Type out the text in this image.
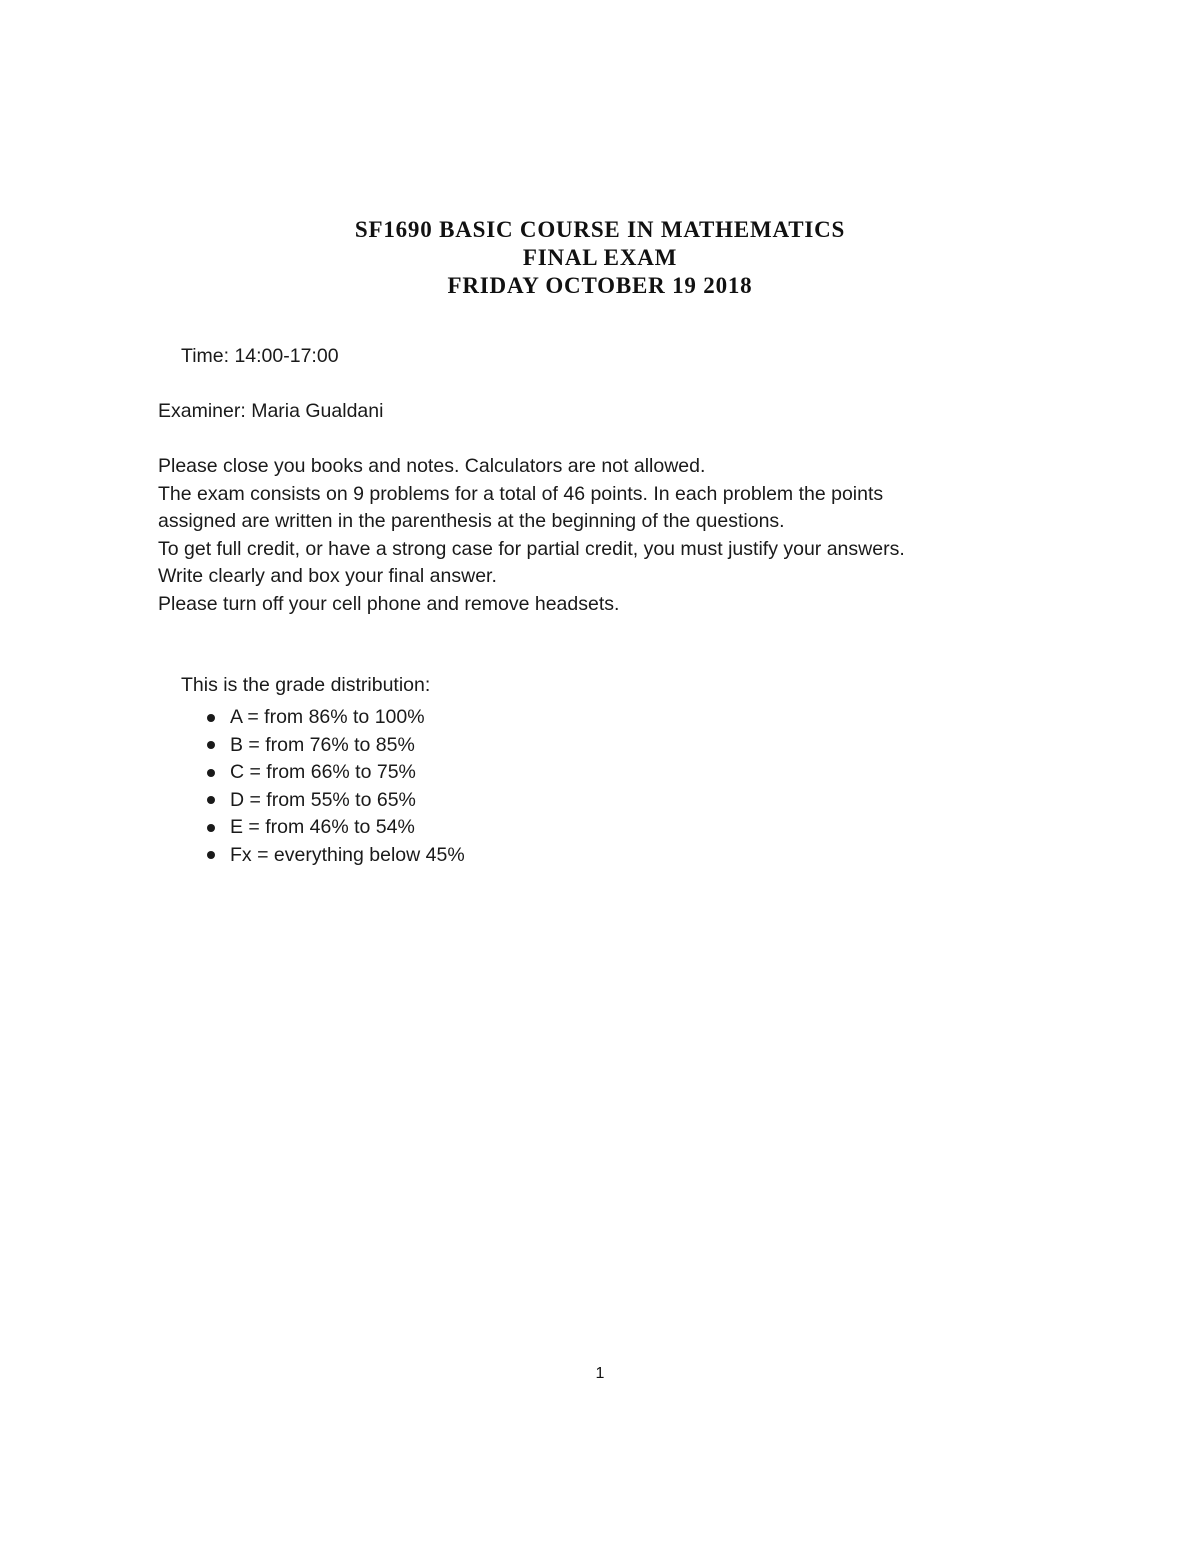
SF1690 BASIC COURSE IN MATHEMATICS
FINAL EXAM
FRIDAY OCTOBER 19 2018
Time: 14:00-17:00
Examiner: Maria Gualdani
Please close you books and notes. Calculators are not allowed.
The exam consists on 9 problems for a total of 46 points. In each problem the points
assigned are written in the parenthesis at the beginning of the questions.
To get full credit, or have a strong case for partial credit, you must justify your answers.
Write clearly and box your final answer.
Please turn off your cell phone and remove headsets.
This is the grade distribution:
A = from 86% to 100%
B = from 76% to 85%
C = from 66% to 75%
D = from 55% to 65%
E = from 46% to 54%
Fx = everything below 45%
1
